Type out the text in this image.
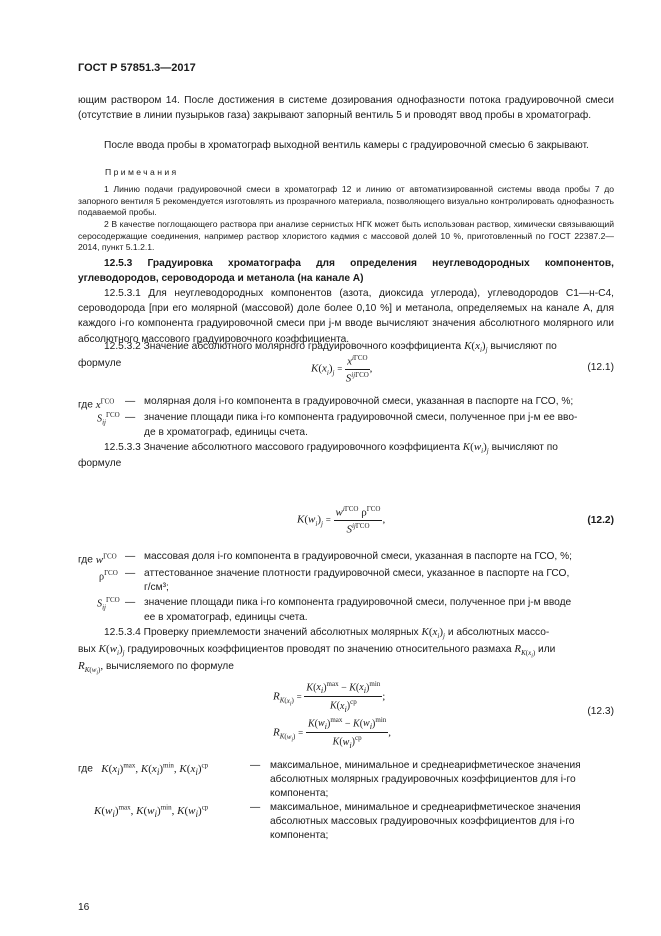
ГОСТ Р 57851.3—2017
ющим раствором 14. После достижения в системе дозирования однофазности потока градуировочной смеси (отсутствие в линии пузырьков газа) закрывают запорный вентиль 5 и проводят ввод пробы в хроматограф.
После ввода пробы в хроматограф выходной вентиль камеры с градуировочной смесью 6 закрывают.
Примечания
1 Линию подачи градуировочной смеси в хроматограф 12 и линию от автоматизированной системы ввода пробы 7 до запорного вентиля 5 рекомендуется изготовлять из прозрачного материала, позволяющего визуально контролировать однофазность подаваемой пробы.
2 В качестве поглощающего раствора при анализе сернистых НГК может быть использован раствор, химически связывающий серосодержащие соединения, например раствор хлористого кадмия с массовой долей 10 %, приготовленный по ГОСТ 22387.2—2014, пункт 5.1.2.1.
12.5.3 Градуировка хроматографа для определения неуглеводородных компонентов, углеводородов, сероводорода и метанола (на канале А)
12.5.3.1 Для неуглеводородных компонентов (азота, диоксида углерода), углеводородов С1—н-С4, сероводорода [при его молярной (массовой) доле более 0,10 %] и метанола, определяемых на канале А, для каждого i-го компонента градуировочной смеси при j-м вводе вычисляют значения абсолютного молярного или абсолютного массового градуировочного коэффициента.
12.5.3.2 Значение абсолютного молярного градуировочного коэффициента $K(x_i)_j$ вычисляют по
формуле	$K(x_i)_j = \frac{x^{iГСО}}{S^{ijГСО}}$ ,	(12.1)
где $x^{ГСО}$ — молярная доля i-го компонента в градуировочной смеси, указанная в паспорте на ГСО, %;
$S_{ij}^{ГСО}$ — значение площади пика i-го компонента градуировочной смеси, полученное при j-м ее вво-
де в хроматограф, единицы счета.
12.5.3.3 Значение абсолютного массового градуировочного коэффициента $K(w_i)_j$ вычисляют по
формуле
$K(w_i)_j = \frac{w^{iГСО} \rho^{ГСО}}{S^{ijГСО}}$ ,	(12.2)
где $w^{ГСО}$ — массовая доля i-го компонента в градуировочной смеси, указанная в паспорте на ГСО, %;
$\rho^{ГСО}$ — аттестованное значение плотности градуировочной смеси, указанное в паспорте на ГСО,
г/см³;
$S_{ij}^{ГСО}$ — значение площади пика i-го компонента градуировочной смеси, полученное при j-м вводе
ее в хроматограф, единицы счета.
12.5.3.4 Проверку приемлемости значений абсолютных молярных $K(x_i)_j$ и абсолютных массо-
вых $K(w_i)_j$ градуировочных коэффициентов проводят по значению относительного размаха $R_{K(x_i)}$ или
$R_{K(w_i)}$, вычисляемого по формуле
$R_{K(x_i)} = \frac{K(x_i)^{max} - K(x_i)^{min}}{K(x_i)^{ср}}$ ;
$R_{K(w_i)} = \frac{K(w_i)^{max} - K(w_i)^{min}}{K(w_i)^{ср}}$ ,
(12.3)
где $K(x_i)^{max}$, $K(x_i)^{min}$, $K(x_i)^{ср}$	— максимальное, минимальное и среднеарифметическое значения
абсолютных молярных градуировочных коэффициентов для i-го
компонента;
$K(w_i)^{max}$, $K(w_i)^{min}$, $K(w_i)^{ср}$	— максимальное, минимальное и среднеарифметическое значения
абсолютных массовых градуировочных коэффициентов для i-го
компонента;
16
